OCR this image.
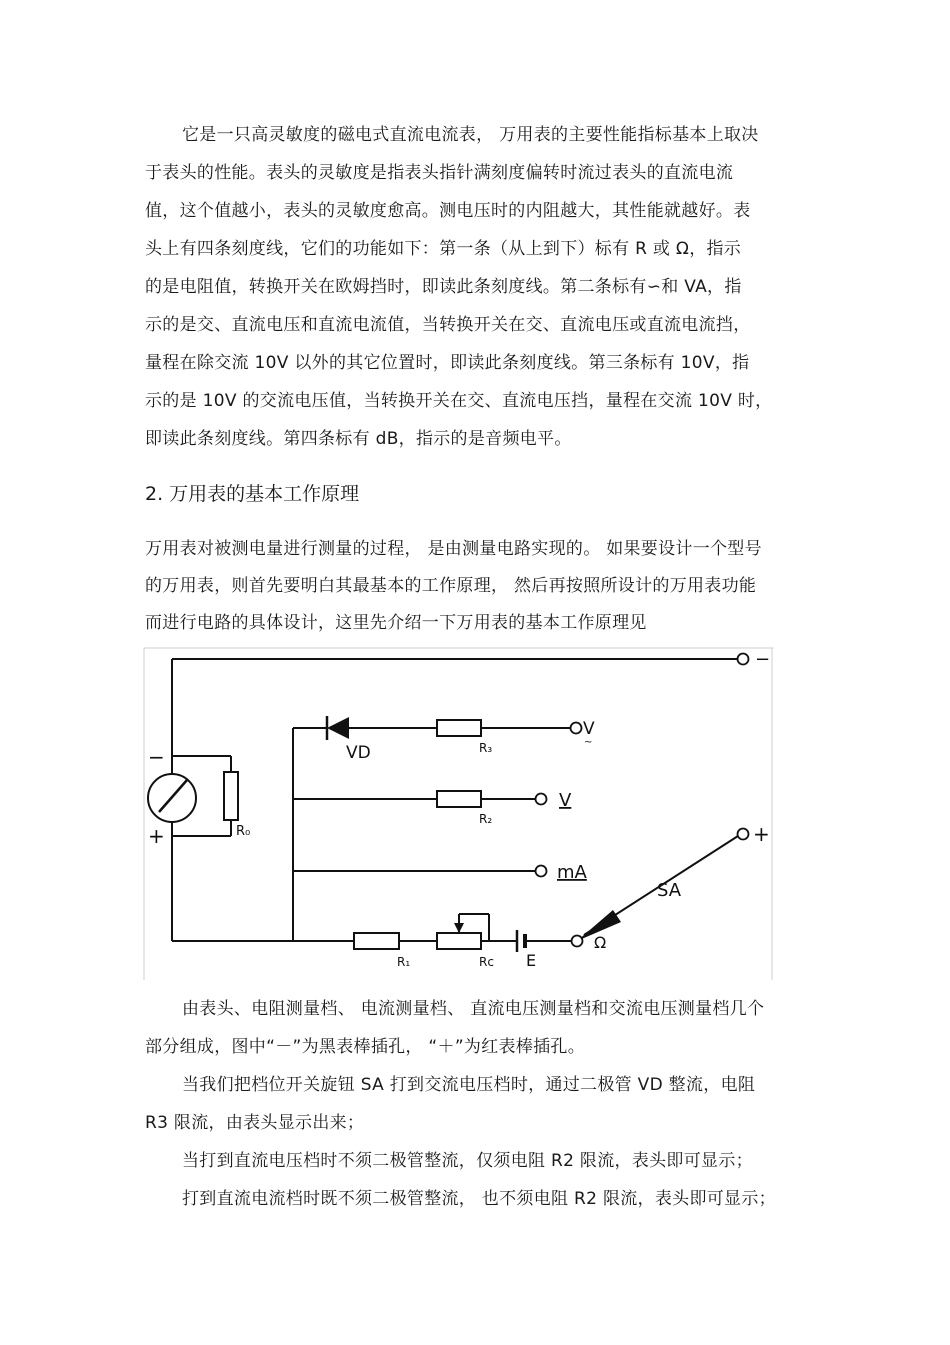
它是一只高灵敏度的磁电式直流电流表， 万用表的主要性能指标基本上取决
于表头的性能。表头的灵敏度是指表头指针满刻度偏转时流过表头的直流电流
值，这个值越小，表头的灵敏度愈高。测电压时的内阻越大，其性能就越好。表
头上有四条刻度线，它们的功能如下：第一条（从上到下）标有 R 或 Ω，指示
的是电阻值，转换开关在欧姆挡时，即读此条刻度线。第二条标有∽和 VA，指
示的是交、直流电压和直流电流值，当转换开关在交、直流电压或直流电流挡，
量程在除交流 10V 以外的其它位置时，即读此条刻度线。第三条标有 10V，指
示的是 10V 的交流电压值，当转换开关在交、直流电压挡，量程在交流 10V 时，
即读此条刻度线。第四条标有 dB，指示的是音频电平。
2. 万用表的基本工作原理
万用表对被测电量进行测量的过程， 是由测量电路实现的。 如果要设计一个型号
的万用表，则首先要明白其最基本的工作原理， 然后再按照所设计的万用表功能
而进行电路的具体设计，这里先介绍一下万用表的基本工作原理见
−
−
+	R₀
VD	R₃
V
~
R₂
V
mA
SA
+
R₁	Rc E
Ω
由表头、电阻测量档、 电流测量档、 直流电压测量档和交流电压测量档几个
部分组成，图中“－”为黑表棒插孔， “＋”为红表棒插孔。
当我们把档位开关旋钮 SA 打到交流电压档时，通过二极管 VD 整流，电阻
R3 限流，由表头显示出来；
当打到直流电压档时不须二极管整流，仅须电阻 R2 限流，表头即可显示；
打到直流电流档时既不须二极管整流， 也不须电阻 R2 限流，表头即可显示；
